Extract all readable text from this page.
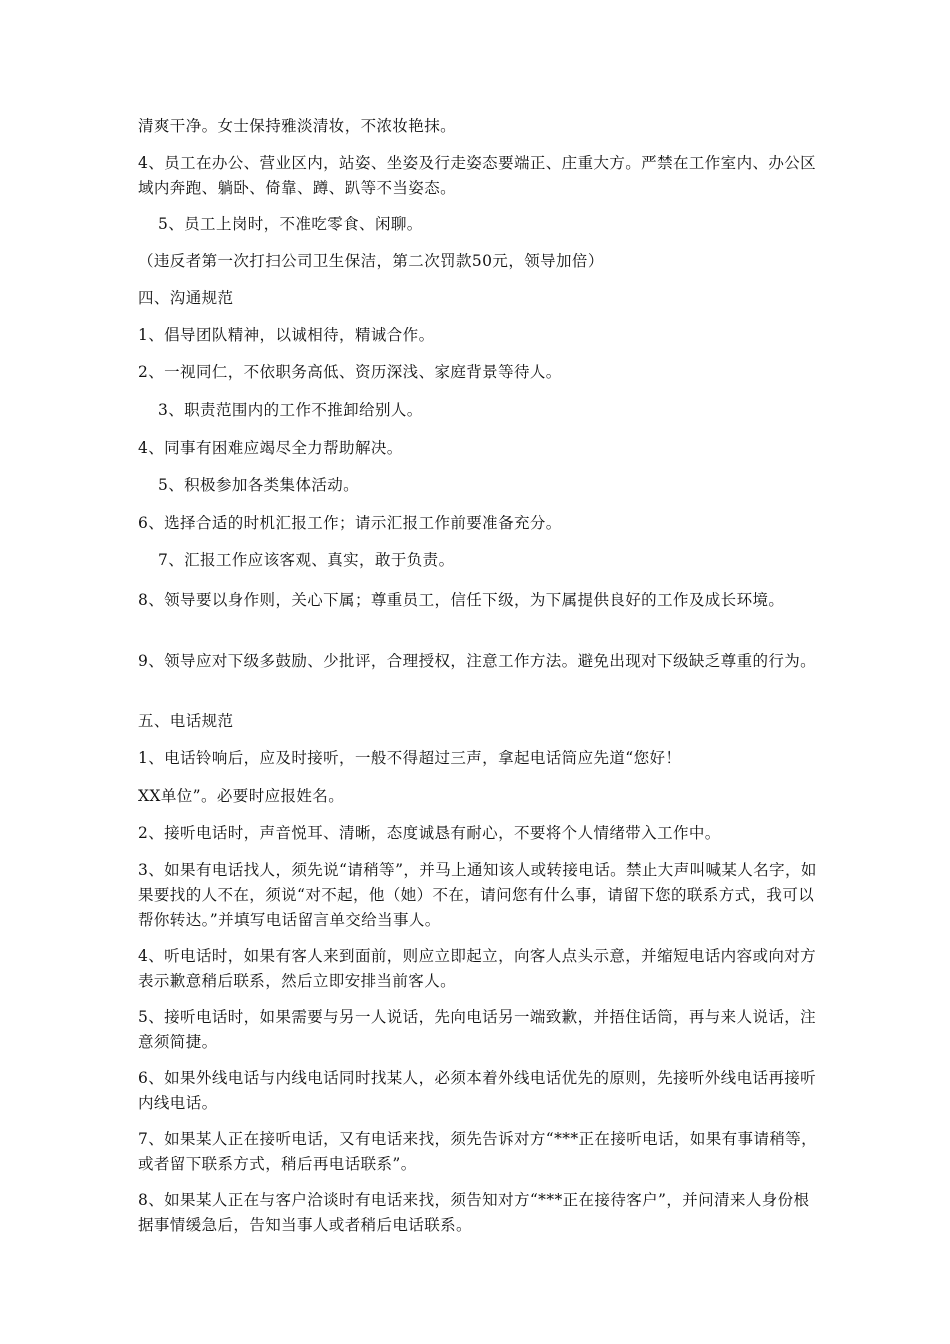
清爽干净。女士保持雅淡清妆，不浓妆艳抹。
4、员工在办公、营业区内，站姿、坐姿及行走姿态要端正、庄重大方。严禁在工作室内、办公区域内奔跑、躺卧、倚靠、蹲、趴等不当姿态。
5、员工上岗时，不准吃零食、闲聊。
（违反者第一次打扫公司卫生保洁，第二次罚款50元，领导加倍）
四、沟通规范
1、倡导团队精神，以诚相待，精诚合作。
2、一视同仁，不依职务高低、资历深浅、家庭背景等待人。
3、职责范围内的工作不推卸给别人。
4、同事有困难应竭尽全力帮助解决。
5、积极参加各类集体活动。
6、选择合适的时机汇报工作；请示汇报工作前要准备充分。
7、汇报工作应该客观、真实，敢于负责。
8、领导要以身作则，关心下属；尊重员工，信任下级，为下属提供良好的工作及成长环境。
9、领导应对下级多鼓励、少批评，合理授权，注意工作方法。避免出现对下级缺乏尊重的行为。
五、电话规范
1、电话铃响后，应及时接听，一般不得超过三声，拿起电话筒应先道“您好！
XX单位”。必要时应报姓名。
2、接听电话时，声音悦耳、清晰，态度诚恳有耐心，不要将个人情绪带入工作中。
3、如果有电话找人，须先说“请稍等”，并马上通知该人或转接电话。禁止大声叫喊某人名字，如果要找的人不在，须说“对不起，他（她）不在，请问您有什么事，请留下您的联系方式，我可以帮你转达。”并填写电话留言单交给当事人。
4、听电话时，如果有客人来到面前，则应立即起立，向客人点头示意，并缩短电话内容或向对方表示歉意稍后联系，然后立即安排当前客人。
5、接听电话时，如果需要与另一人说话，先向电话另一端致歉，并捂住话筒，再与来人说话，注意须简捷。
6、如果外线电话与内线电话同时找某人，必须本着外线电话优先的原则，先接听外线电话再接听内线电话。
7、如果某人正在接听电话，又有电话来找，须先告诉对方“***正在接听电话，如果有事请稍等，或者留下联系方式，稍后再电话联系”。
8、如果某人正在与客户洽谈时有电话来找，须告知对方“***正在接待客户”，并问清来人身份根据事情缓急后，告知当事人或者稍后电话联系。
